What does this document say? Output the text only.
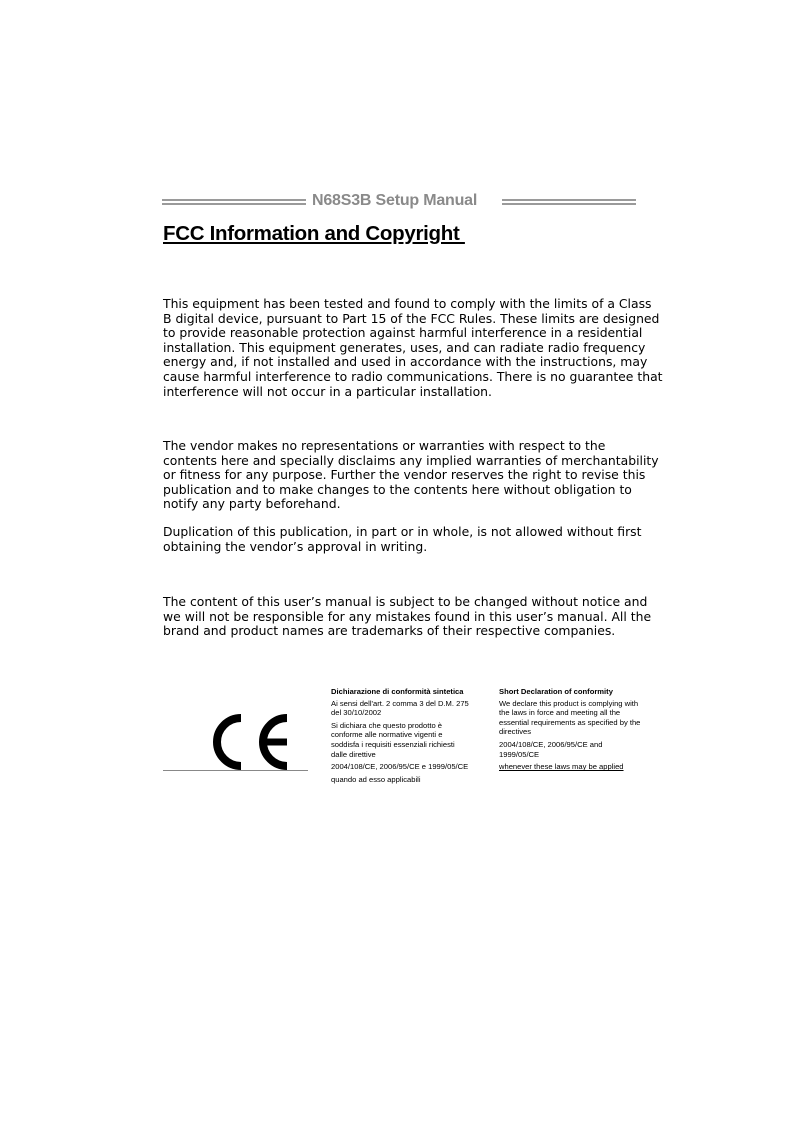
N68S3B Setup Manual
FCC Information and Copyright

This equipment has been tested and found to comply with the limits of a Class B digital device, pursuant to Part 15 of the FCC Rules. These limits are designed to provide reasonable protection against harmful interference in a residential installation. This equipment generates, uses, and can radiate radio frequency energy and, if not installed and used in accordance with the instructions, may cause harmful interference to radio communications. There is no guarantee that interference will not occur in a particular installation.

The vendor makes no representations or warranties with respect to the contents here and specially disclaims any implied warranties of merchantability or fitness for any purpose. Further the vendor reserves the right to revise this publication and to make changes to the contents here without obligation to notify any party beforehand.

Duplication of this publication, in part or in whole, is not allowed without first obtaining the vendor’s approval in writing.

The content of this user’s manual is subject to be changed without notice and we will not be responsible for any mistakes found in this user’s manual. All the brand and product names are trademarks of their respective companies.

Dichiarazione di conformità sintetica

Ai sensi dell'art. 2 comma 3 del D.M. 275 del 30/10/2002

Si dichiara che questo prodotto è conforme alle normative vigenti e soddisfa i requisiti essenziali richiesti dalle direttive

2004/108/CE, 2006/95/CE e 1999/05/CE

quando ad esso applicabili

Short Declaration of conformity

We declare this product is complying with the laws in force and meeting all the essential requirements as specified by the directives

2004/108/CE, 2006/95/CE and 1999/05/CE

whenever these laws may be applied
